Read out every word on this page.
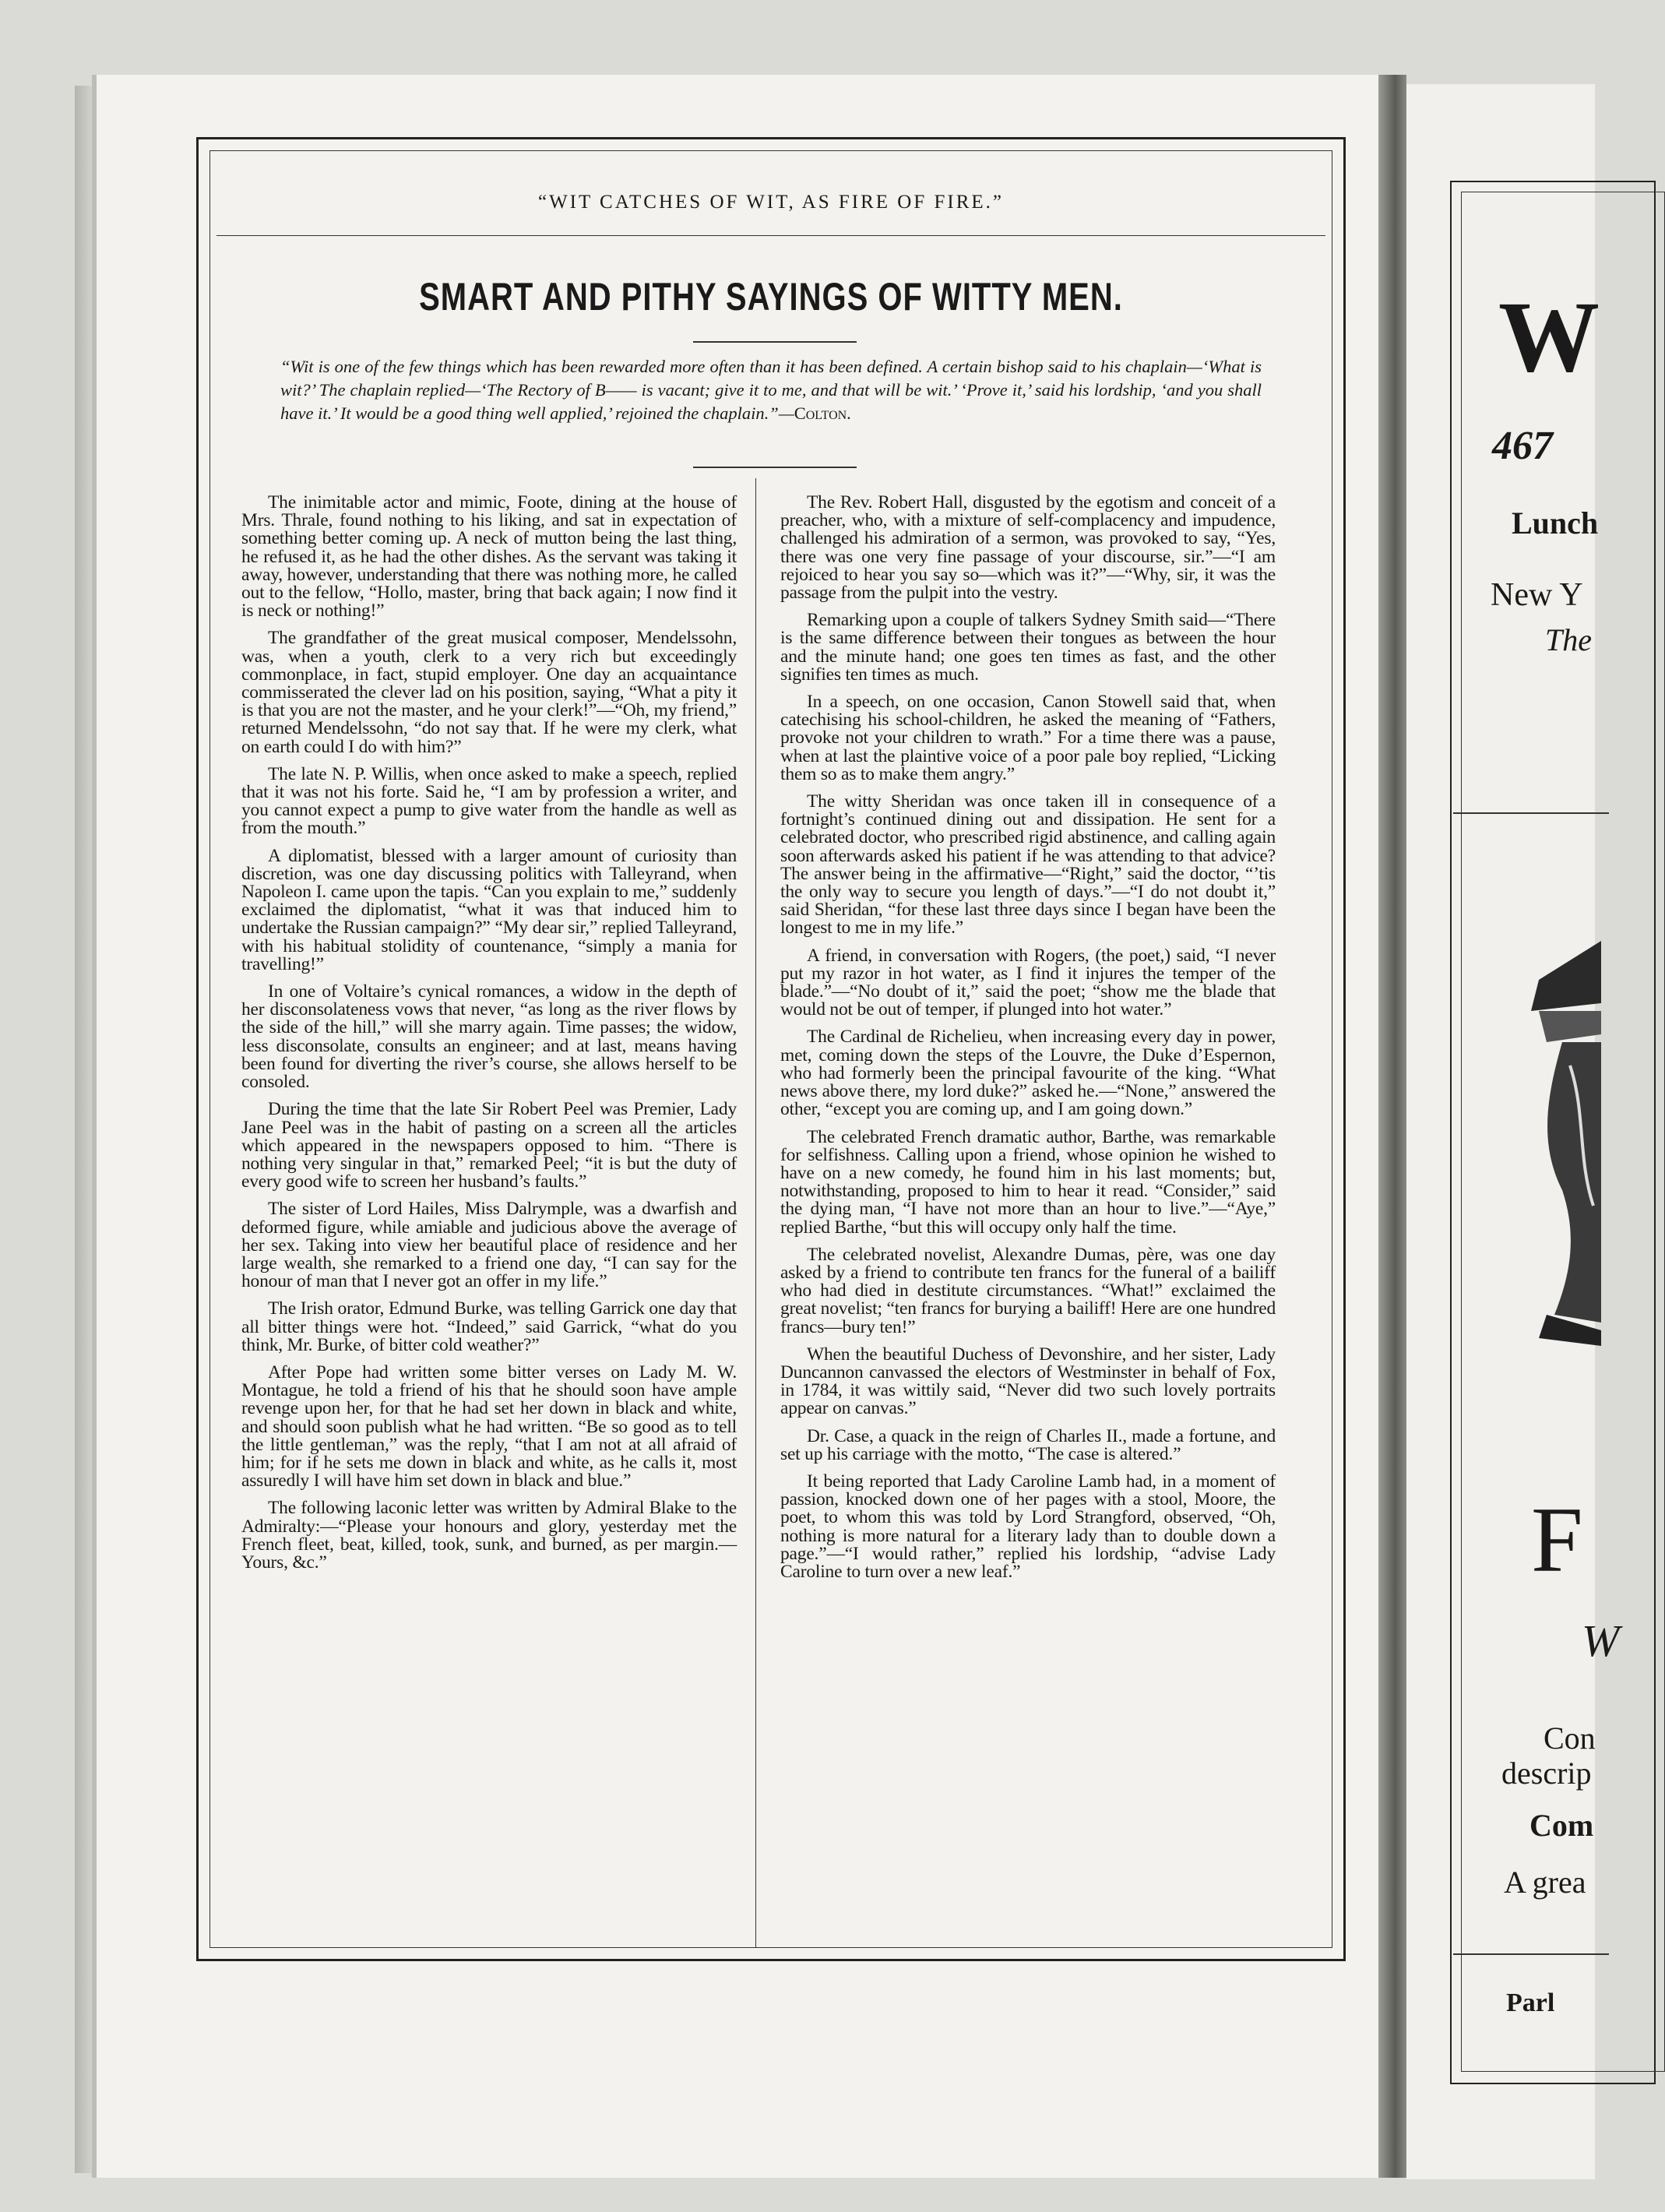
“WIT CATCHES OF WIT, AS FIRE OF FIRE.”
SMART AND PITHY SAYINGS OF WITTY MEN.
“Wit is one of the few things which has been rewarded more often than it has been defined. A certain bishop said to his chaplain—‘What is wit?’ The chaplain replied—‘The Rectory of B—— is vacant; give it to me, and that will be wit.’ ‘Prove it,’ said his lordship, ‘and you shall have it.’ It would be a good thing well applied,’ rejoined the chaplain.”—Colton.

The inimitable actor and mimic, Foote, dining at the house of Mrs. Thrale, found nothing to his liking, and sat in expectation of something better coming up. A neck of mutton being the last thing, he refused it, as he had the other dishes. As the servant was taking it away, however, understanding that there was nothing more, he called out to the fellow, “Hollo, master, bring that back again; I now find it is neck or nothing!”

The grandfather of the great musical composer, Mendelssohn, was, when a youth, clerk to a very rich but exceedingly commonplace, in fact, stupid employer. One day an acquaintance commisserated the clever lad on his position, saying, “What a pity it is that you are not the master, and he your clerk!”—“Oh, my friend,” returned Mendelssohn, “do not say that. If he were my clerk, what on earth could I do with him?”

The late N. P. Willis, when once asked to make a speech, replied that it was not his forte. Said he, “I am by profession a writer, and you cannot expect a pump to give water from the handle as well as from the mouth.”

A diplomatist, blessed with a larger amount of curiosity than discretion, was one day discussing politics with Talleyrand, when Napoleon I. came upon the tapis. “Can you explain to me,” suddenly exclaimed the diplomatist, “what it was that induced him to undertake the Russian campaign?” “My dear sir,” replied Talleyrand, with his habitual stolidity of countenance, “simply a mania for travelling!”

In one of Voltaire’s cynical romances, a widow in the depth of her disconsolateness vows that never, “as long as the river flows by the side of the hill,” will she marry again. Time passes; the widow, less disconsolate, consults an engineer; and at last, means having been found for diverting the river’s course, she allows herself to be consoled.

During the time that the late Sir Robert Peel was Premier, Lady Jane Peel was in the habit of pasting on a screen all the articles which appeared in the newspapers opposed to him. “There is nothing very singular in that,” remarked Peel; “it is but the duty of every good wife to screen her husband’s faults.”

The sister of Lord Hailes, Miss Dalrymple, was a dwarfish and deformed figure, while amiable and judicious above the average of her sex. Taking into view her beautiful place of residence and her large wealth, she remarked to a friend one day, “I can say for the honour of man that I never got an offer in my life.”

The Irish orator, Edmund Burke, was telling Garrick one day that all bitter things were hot. “Indeed,” said Garrick, “what do you think, Mr. Burke, of bitter cold weather?”

After Pope had written some bitter verses on Lady M. W. Montague, he told a friend of his that he should soon have ample revenge upon her, for that he had set her down in black and white, and should soon publish what he had written. “Be so good as to tell the little gentleman,” was the reply, “that I am not at all afraid of him; for if he sets me down in black and white, as he calls it, most assuredly I will have him set down in black and blue.”

The following laconic letter was written by Admiral Blake to the Admiralty:—“Please your honours and glory, yesterday met the French fleet, beat, killed, took, sunk, and burned, as per margin.—Yours, &c.”

The Rev. Robert Hall, disgusted by the egotism and conceit of a preacher, who, with a mixture of self-complacency and impudence, challenged his admiration of a sermon, was provoked to say, “Yes, there was one very fine passage of your discourse, sir.”—“I am rejoiced to hear you say so—which was it?”—“Why, sir, it was the passage from the pulpit into the vestry.

Remarking upon a couple of talkers Sydney Smith said—“There is the same difference between their tongues as between the hour and the minute hand; one goes ten times as fast, and the other signifies ten times as much.

In a speech, on one occasion, Canon Stowell said that, when catechising his school-children, he asked the meaning of “Fathers, provoke not your children to wrath.” For a time there was a pause, when at last the plaintive voice of a poor pale boy replied, “Licking them so as to make them angry.”

The witty Sheridan was once taken ill in consequence of a fortnight’s continued dining out and dissipation. He sent for a celebrated doctor, who prescribed rigid abstinence, and calling again soon afterwards asked his patient if he was attending to that advice? The answer being in the affirmative—“Right,” said the doctor, “’tis the only way to secure you length of days.”—“I do not doubt it,” said Sheridan, “for these last three days since I began have been the longest to me in my life.”

A friend, in conversation with Rogers, (the poet,) said, “I never put my razor in hot water, as I find it injures the temper of the blade.”—“No doubt of it,” said the poet; “show me the blade that would not be out of temper, if plunged into hot water.”

The Cardinal de Richelieu, when increasing every day in power, met, coming down the steps of the Louvre, the Duke d’Espernon, who had formerly been the principal favourite of the king. “What news above there, my lord duke?” asked he.—“None,” answered the other, “except you are coming up, and I am going down.”

The celebrated French dramatic author, Barthe, was remarkable for selfishness. Calling upon a friend, whose opinion he wished to have on a new comedy, he found him in his last moments; but, notwithstanding, proposed to him to hear it read. “Consider,” said the dying man, “I have not more than an hour to live.”—“Aye,” replied Barthe, “but this will occupy only half the time.

The celebrated novelist, Alexandre Dumas, père, was one day asked by a friend to contribute ten francs for the funeral of a bailiff who had died in destitute circumstances. “What!” exclaimed the great novelist; “ten francs for burying a bailiff! Here are one hundred francs—bury ten!”

When the beautiful Duchess of Devonshire, and her sister, Lady Duncannon canvassed the electors of Westminster in behalf of Fox, in 1784, it was wittily said, “Never did two such lovely portraits appear on canvas.”

Dr. Case, a quack in the reign of Charles II., made a fortune, and set up his carriage with the motto, “The case is altered.”

It being reported that Lady Caroline Lamb had, in a moment of passion, knocked down one of her pages with a stool, Moore, the poet, to whom this was told by Lord Strangford, observed, “Oh, nothing is more natural for a literary lady than to double down a page.”—“I would rather,” replied his lordship, “advise Lady Caroline to turn over a new leaf.”

W
467
Lunch
New Y
The
F
W
Con
descrip
Com
A grea
Parl
